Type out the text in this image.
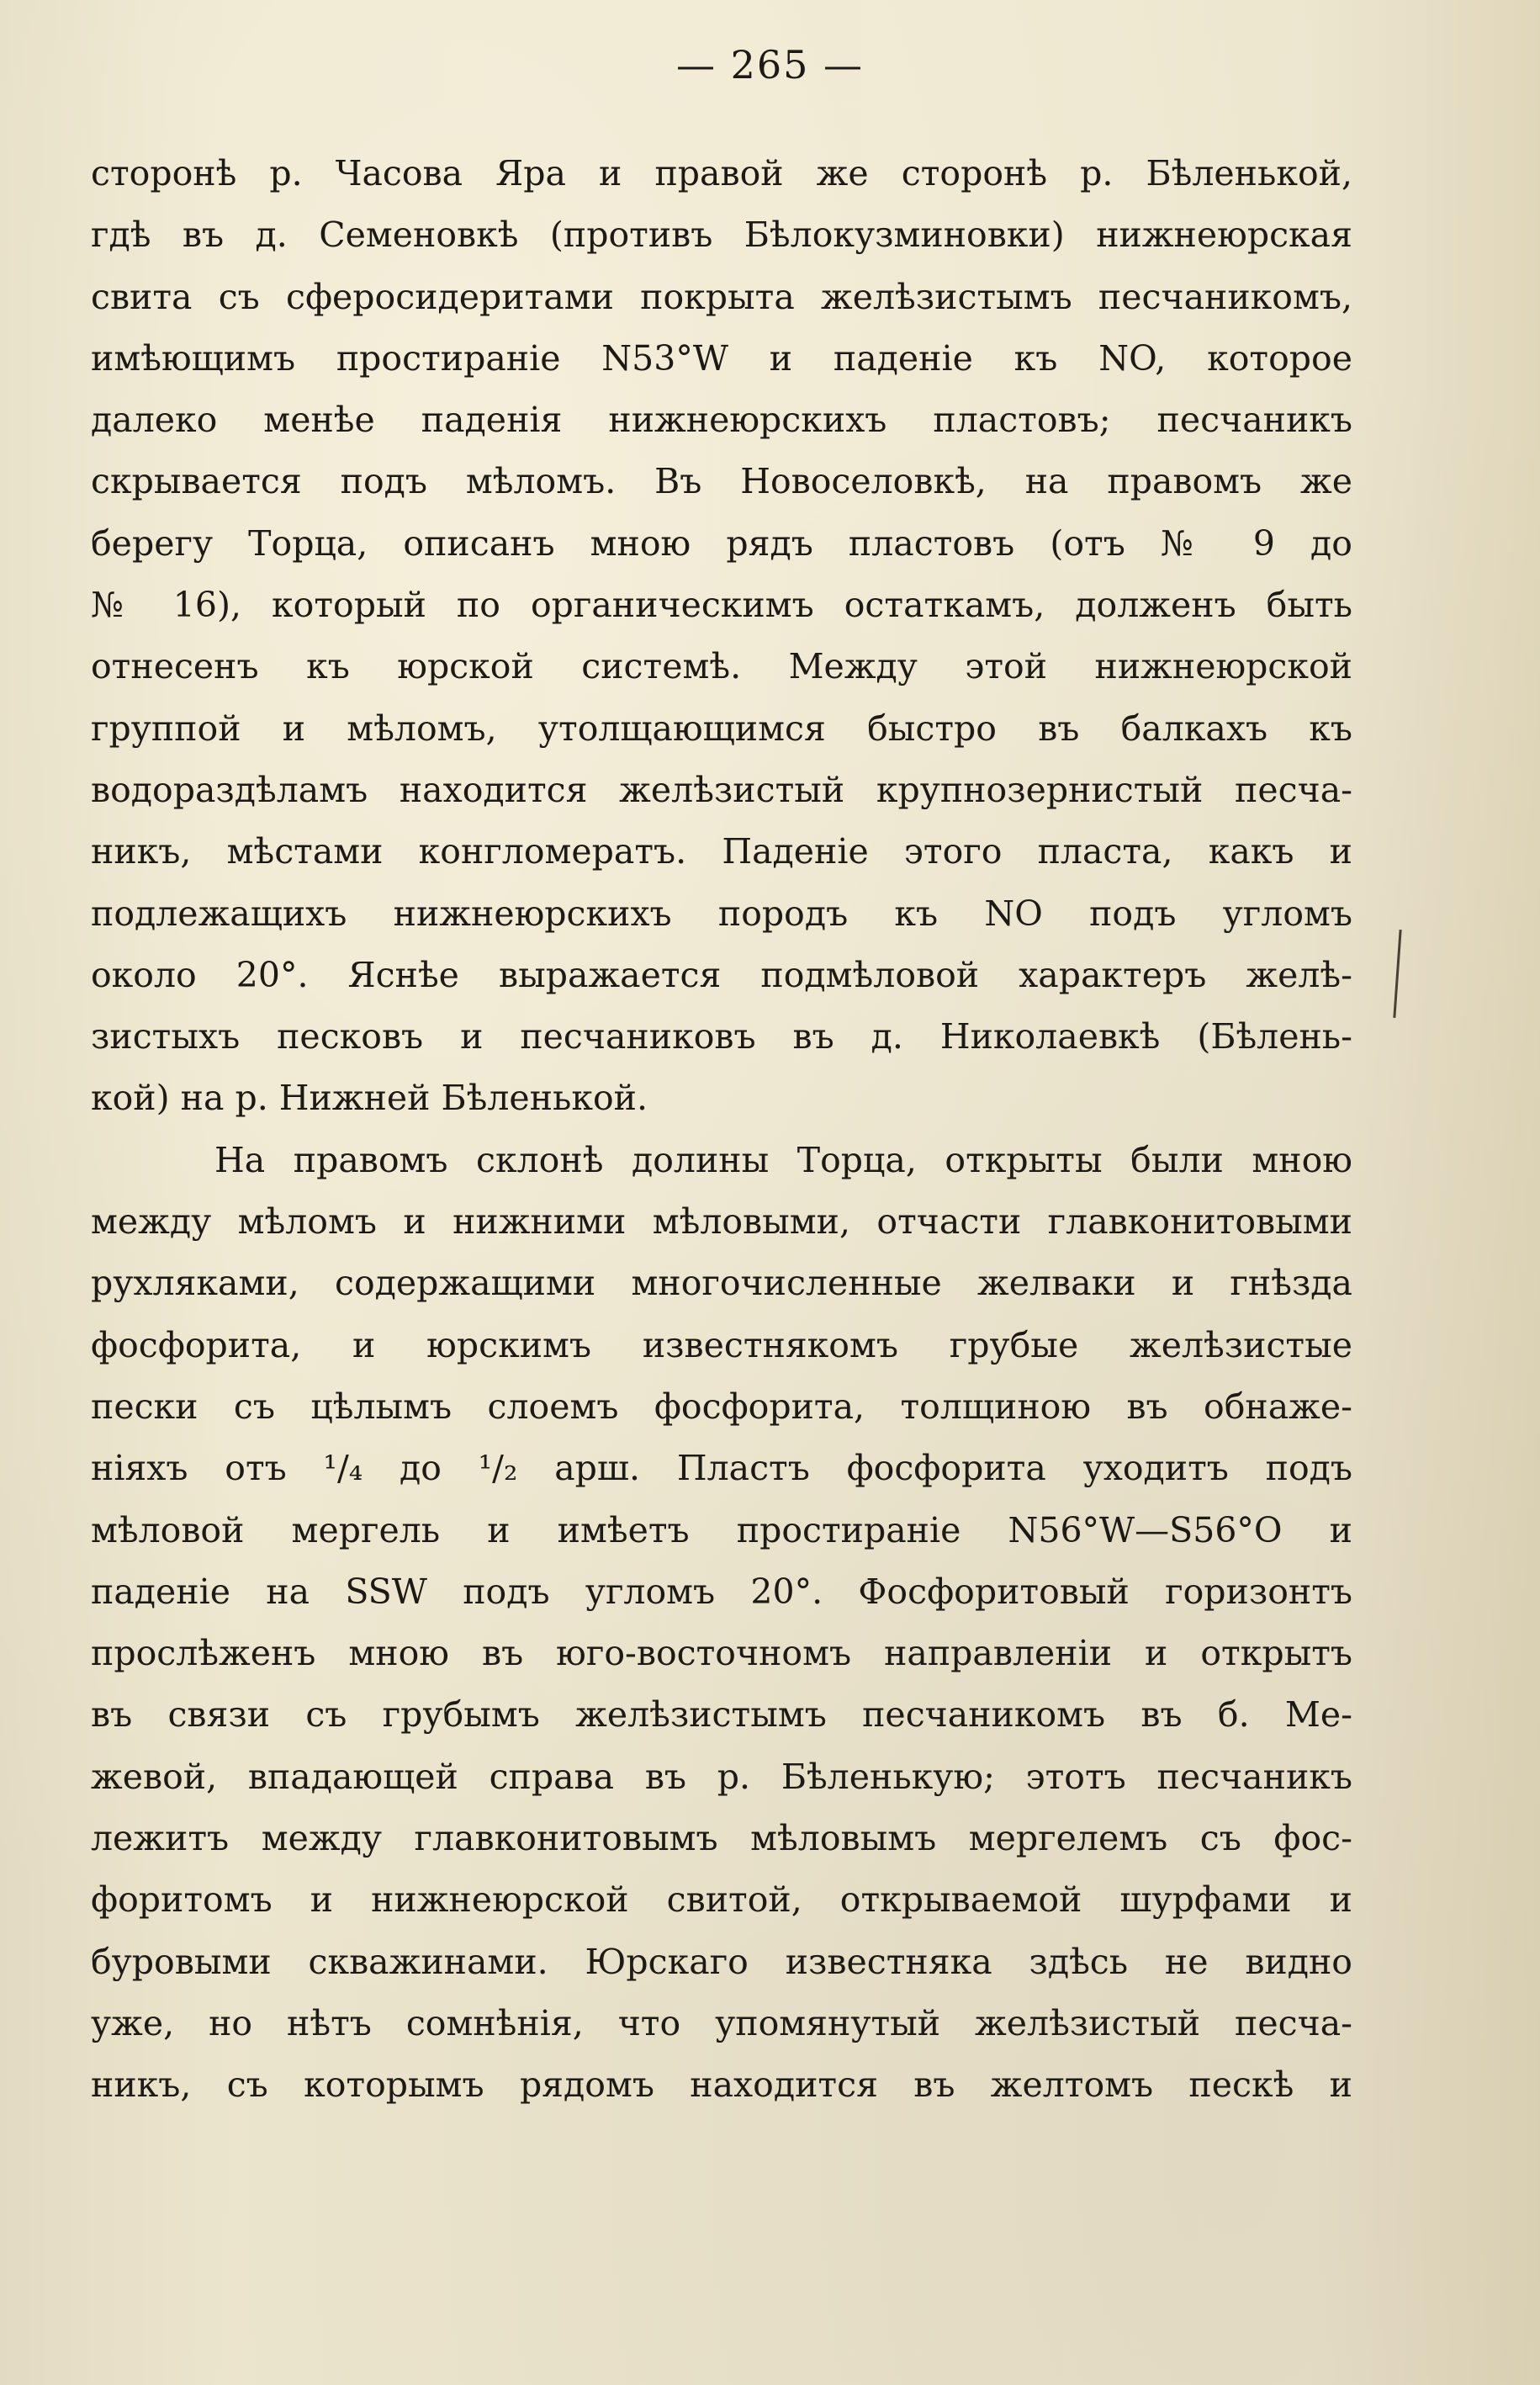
— 265 —
сторонѣ р. Часова Яра и правой же сторонѣ р. Бѣленькой,
гдѣ въ д. Семеновкѣ (противъ Бѣлокузминовки) нижнеюрская
свита съ сферосидеритами покрыта желѣзистымъ песчаникомъ,
имѣющимъ простираніе N53°W и паденіе къ NO, которое
далеко менѣе паденія нижнеюрскихъ пластовъ; песчаникъ
скрывается подъ мѣломъ. Въ Новоселовкѣ, на правомъ же
берегу Торца, описанъ мною рядъ пластовъ (отъ № 9 до
№ 16), который по органическимъ остаткамъ, долженъ быть
отнесенъ къ юрской системѣ. Между этой нижнеюрской
группой и мѣломъ, утолщающимся быстро въ балкахъ къ
водораздѣламъ находится желѣзистый крупнозернистый песча-
никъ, мѣстами конгломератъ. Паденіе этого пласта, какъ и
подлежащихъ нижнеюрскихъ породъ къ NO подъ угломъ
около 20°. Яснѣе выражается подмѣловой характеръ желѣ-
зистыхъ песковъ и песчаниковъ въ д. Николаевкѣ (Бѣлень-
кой) на р. Нижней Бѣленькой.
На правомъ склонѣ долины Торца, открыты были мною
между мѣломъ и нижними мѣловыми, отчасти главконитовыми
рухляками, содержащими многочисленные желваки и гнѣзда
фосфорита, и юрскимъ известнякомъ грубые желѣзистые
пески съ цѣлымъ слоемъ фосфорита, толщиною въ обнаже-
ніяхъ отъ ¹/₄ до ¹/₂ арш. Пластъ фосфорита уходитъ подъ
мѣловой мергель и имѣетъ простираніе N56°W—S56°O и
паденіе на SSW подъ угломъ 20°. Фосфоритовый горизонтъ
прослѣженъ мною въ юго-восточномъ направленіи и открытъ
въ связи съ грубымъ желѣзистымъ песчаникомъ въ б. Ме-
жевой, впадающей справа въ р. Бѣленькую; этотъ песчаникъ
лежитъ между главконитовымъ мѣловымъ мергелемъ съ фос-
форитомъ и нижнеюрской свитой, открываемой шурфами и
буровыми скважинами. Юрскаго известняка здѣсь не видно
уже, но нѣтъ сомнѣнія, что упомянутый желѣзистый песча-
никъ, съ которымъ рядомъ находится въ желтомъ пескѣ и
